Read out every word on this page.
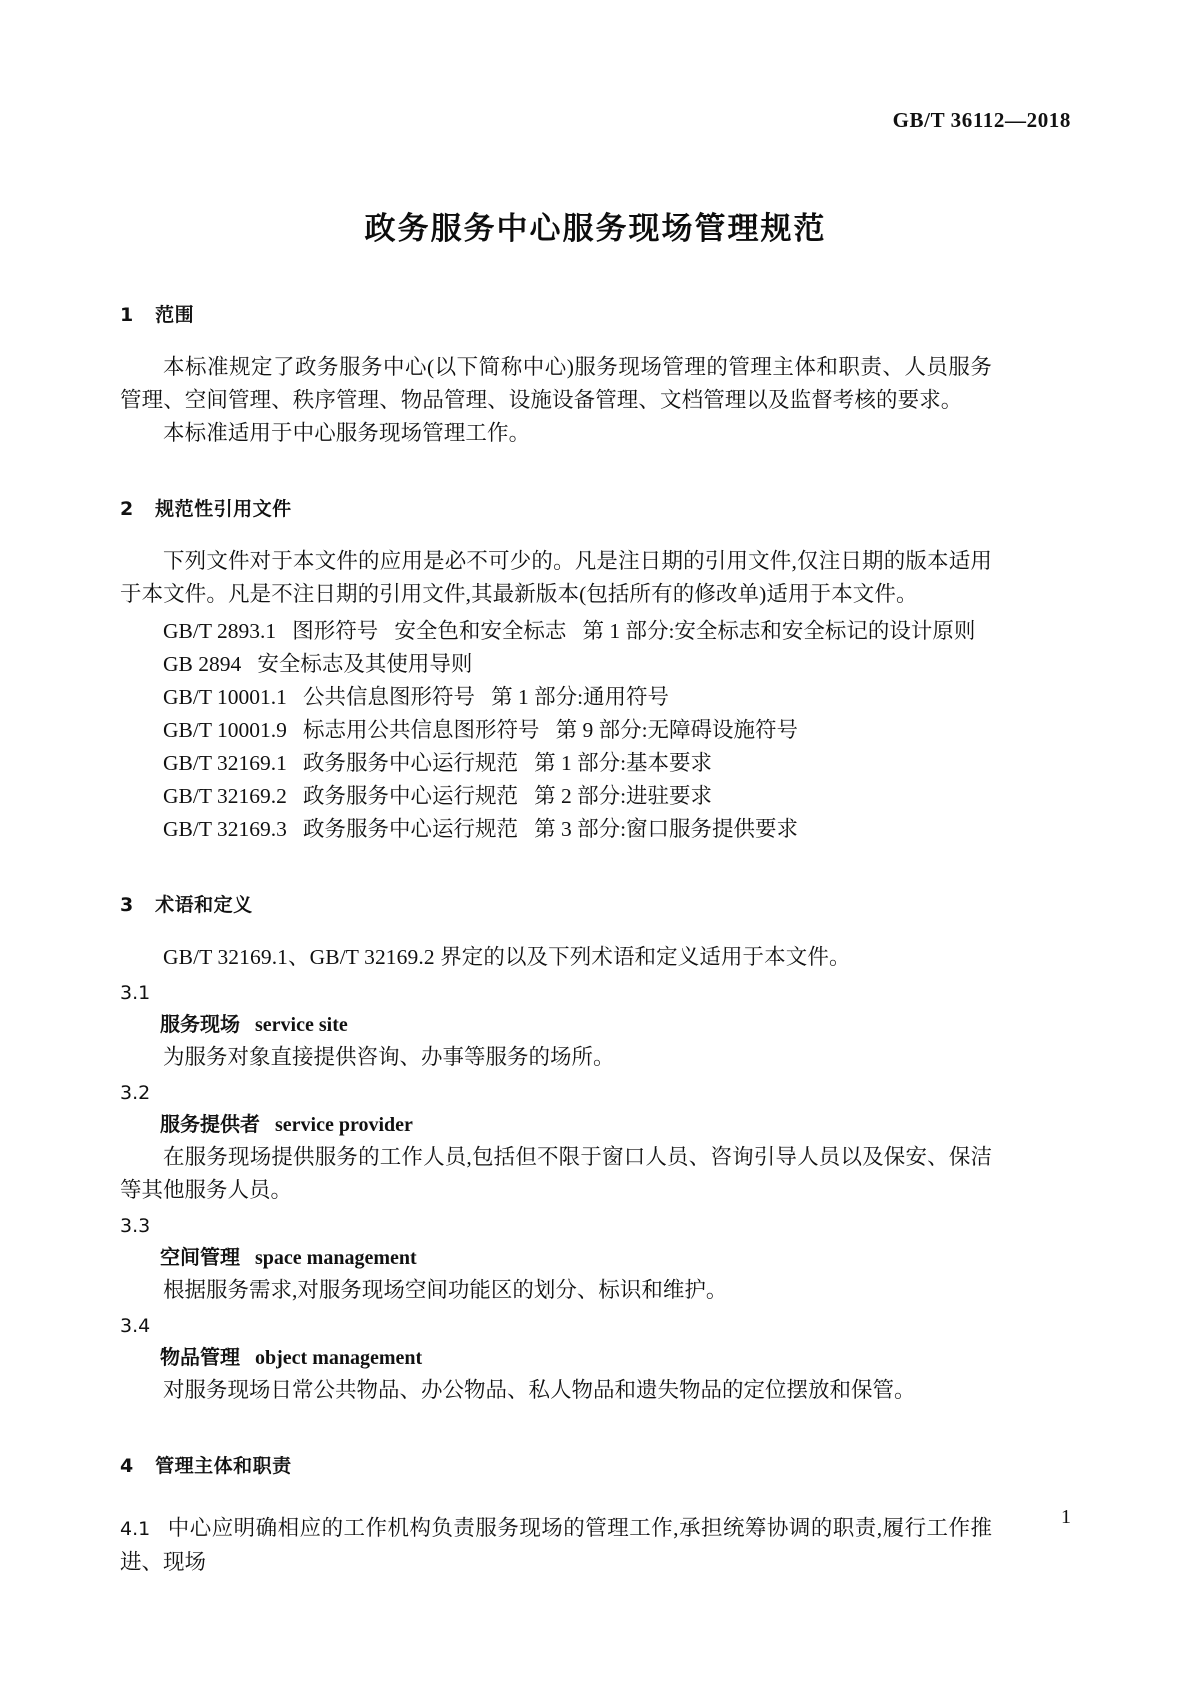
GB/T 36112—2018
政务服务中心服务现场管理规范
1   范围

本标准规定了政务服务中心(以下简称中心)服务现场管理的管理主体和职责、人员服务管理、空间管理、秩序管理、物品管理、设施设备管理、文档管理以及监督考核的要求。

本标准适用于中心服务现场管理工作。

2   规范性引用文件

下列文件对于本文件的应用是必不可少的。凡是注日期的引用文件,仅注日期的版本适用于本文件。凡是不注日期的引用文件,其最新版本(包括所有的修改单)适用于本文件。

GB/T 2893.1   图形符号   安全色和安全标志   第 1 部分:安全标志和安全标记的设计原则
GB 2894   安全标志及其使用导则
GB/T 10001.1   公共信息图形符号   第 1 部分:通用符号
GB/T 10001.9   标志用公共信息图形符号   第 9 部分:无障碍设施符号
GB/T 32169.1   政务服务中心运行规范   第 1 部分:基本要求
GB/T 32169.2   政务服务中心运行规范   第 2 部分:进驻要求
GB/T 32169.3   政务服务中心运行规范   第 3 部分:窗口服务提供要求
3   术语和定义

GB/T 32169.1、GB/T 32169.2 界定的以及下列术语和定义适用于本文件。

3.1
服务现场 service site

为服务对象直接提供咨询、办事等服务的场所。

3.2
服务提供者 service provider

在服务现场提供服务的工作人员,包括但不限于窗口人员、咨询引导人员以及保安、保洁等其他服务人员。

3.3
空间管理 space management

根据服务需求,对服务现场空间功能区的划分、标识和维护。

3.4
物品管理 object management

对服务现场日常公共物品、办公物品、私人物品和遗失物品的定位摆放和保管。

4   管理主体和职责

4.1 中心应明确相应的工作机构负责服务现场的管理工作,承担统筹协调的职责,履行工作推进、现场

1
